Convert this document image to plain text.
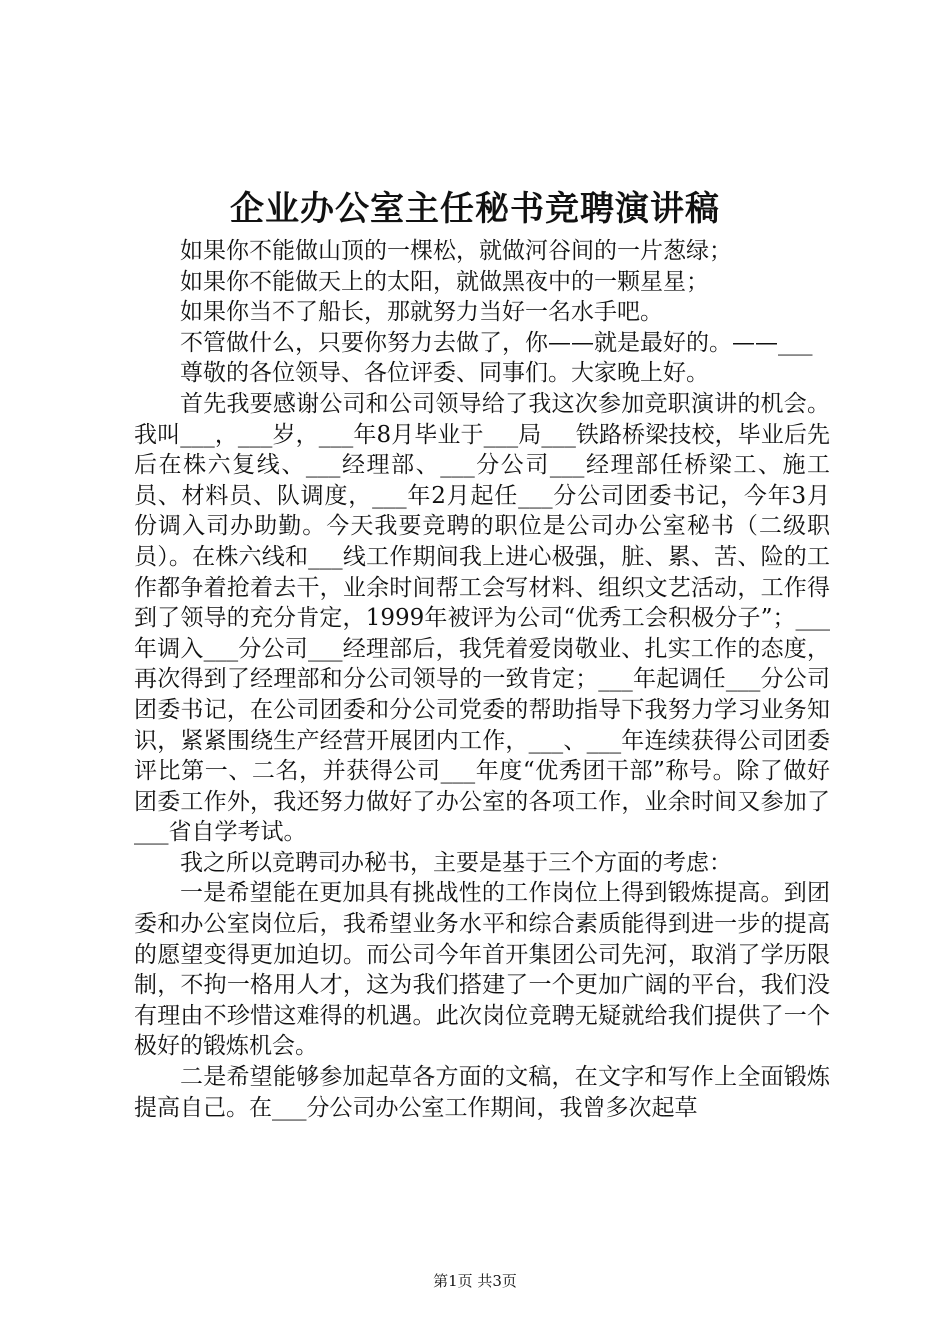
企业办公室主任秘书竞聘演讲稿

如果你不能做山顶的一棵松，就做河谷间的一片葱绿；

如果你不能做天上的太阳，就做黑夜中的一颗星星；

如果你当不了船长，那就努力当好一名水手吧。

不管做什么，只要你努力去做了，你——就是最好的。——___

尊敬的各位领导、各位评委、同事们。大家晚上好。

首先我要感谢公司和公司领导给了我这次参加竞职演讲的机会。我叫___，___岁，___年8月毕业于___局___铁路桥梁技校，毕业后先后在株六复线、___经理部、___分公司___经理部任桥梁工、施工员、材料员、队调度，___年2月起任___分公司团委书记，今年3月份调入司办助勤。今天我要竞聘的职位是公司办公室秘书（二级职员）。在株六线和___线工作期间我上进心极强，脏、累、苦、险的工作都争着抢着去干，业余时间帮工会写材料、组织文艺活动，工作得到了领导的充分肯定，1999年被评为公司“优秀工会积极分子”；___年调入___分公司___经理部后，我凭着爱岗敬业、扎实工作的态度，再次得到了经理部和分公司领导的一致肯定；___年起调任___分公司团委书记，在公司团委和分公司党委的帮助指导下我努力学习业务知识，紧紧围绕生产经营开展团内工作，___、___年连续获得公司团委评比第一、二名，并获得公司___年度“优秀团干部”称号。除了做好团委工作外，我还努力做好了办公室的各项工作，业余时间又参加了___省自学考试。

我之所以竞聘司办秘书，主要是基于三个方面的考虑：

一是希望能在更加具有挑战性的工作岗位上得到锻炼提高。到团委和办公室岗位后，我希望业务水平和综合素质能得到进一步的提高的愿望变得更加迫切。而公司今年首开集团公司先河，取消了学历限制，不拘一格用人才，这为我们搭建了一个更加广阔的平台，我们没有理由不珍惜这难得的机遇。此次岗位竞聘无疑就给我们提供了一个极好的锻炼机会。

二是希望能够参加起草各方面的文稿，在文字和写作上全面锻炼提高自己。在___分公司办公室工作期间，我曾多次起草

第1页 共3页
